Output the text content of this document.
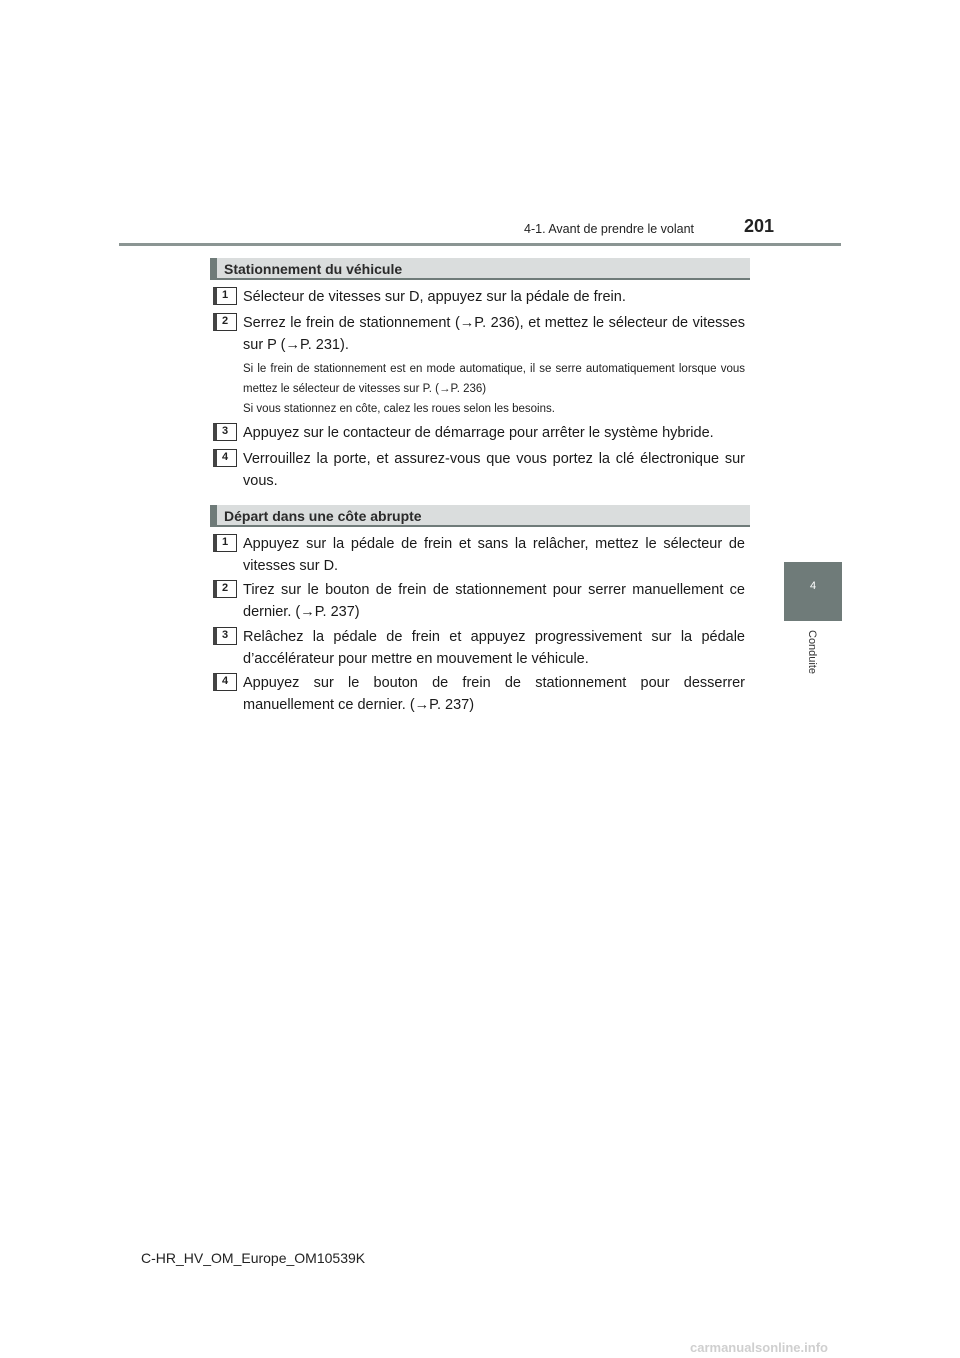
4-1. Avant de prendre le volant	201
4
Conduite
Stationnement du véhicule
1 Sélecteur de vitesses sur D, appuyez sur la pédale de frein.
2 Serrez le frein de stationnement (→P. 236), et mettez le sélecteur de vitesses sur P (→P. 231).
Si le frein de stationnement est en mode automatique, il se serre automatiquement lorsque vous mettez le sélecteur de vitesses sur P. (→P. 236)
Si vous stationnez en côte, calez les roues selon les besoins.
3 Appuyez sur le contacteur de démarrage pour arrêter le système hybride.
4 Verrouillez la porte, et assurez-vous que vous portez la clé électronique sur vous.
Départ dans une côte abrupte
1 Appuyez sur la pédale de frein et sans la relâcher, mettez le sélecteur de vitesses sur D.
2 Tirez sur le bouton de frein de stationnement pour serrer manuellement ce dernier. (→P. 237)
3 Relâchez la pédale de frein et appuyez progressivement sur la pédale d’accélérateur pour mettre en mouvement le véhicule.
4 Appuyez sur le bouton de frein de stationnement pour desserrer manuellement ce dernier. (→P. 237)
C-HR_HV_OM_Europe_OM10539K
carmanualsonline.info
